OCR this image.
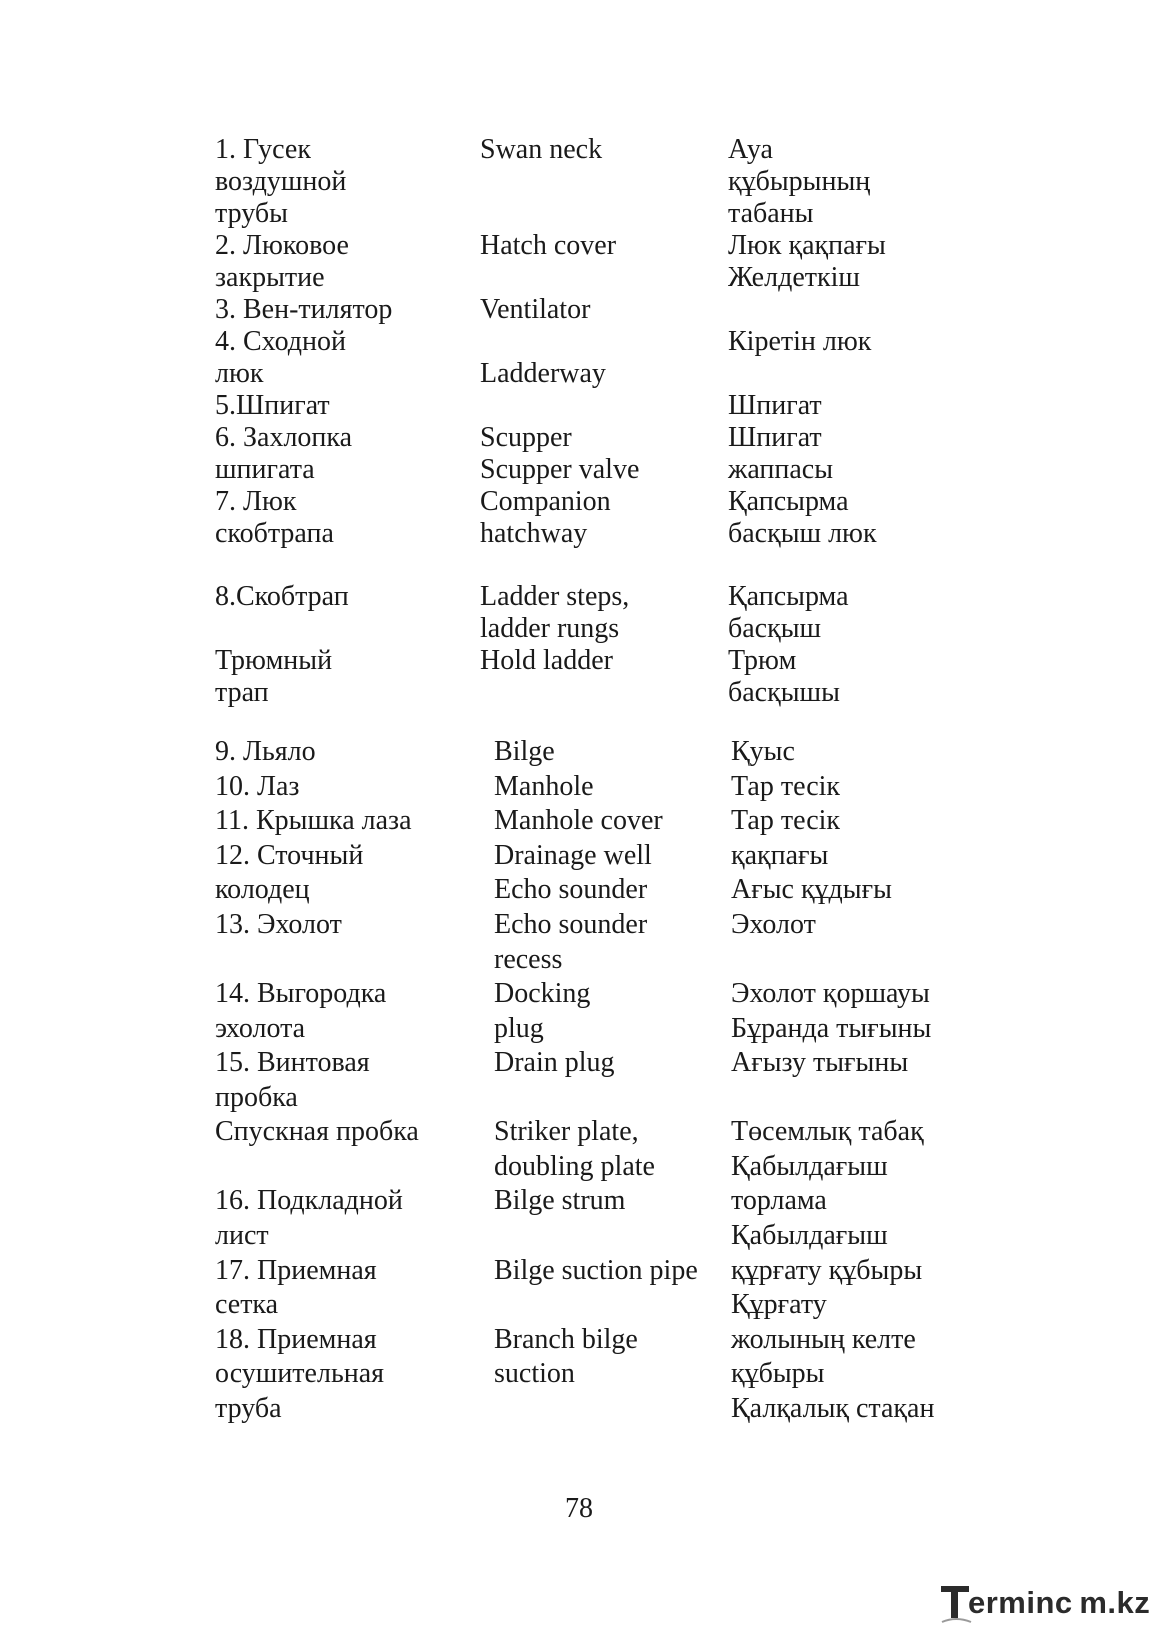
1. Гусек
воздушной
трубы
2. Люковое
закрытие
3. Вен-тилятор
4. Сходной
люк
5.Шпигат
6. Захлопка
шпигата
7. Люк
скобтрапа
8.Скобтрап
Трюмный
трап
9. Льяло
10. Лаз
11. Крышка лаза
12. Сточный
колодец
13. Эхолот
14. Выгородка
эхолота
15. Винтовая
пробка
Спускная пробка
16. Подкладной
лист
17. Приемная
сетка
18. Приемная
осушительная
труба
Swan neck
Hatch cover
Ventilator
Ladderway
Scupper
Scupper valve
Companion
hatchway
Ladder steps,
ladder rungs
Hold ladder
Bilge
Manhole
Manhole cover
Drainage well
Echo sounder
Echo sounder
recess
Docking
plug
Drain plug
Striker plate,
doubling plate
Bilge strum
Bilge suction pipe
Branch bilge
suction
Ауа
құбырының
табаны
Люк қақпағы
Желдеткіш
Кіретін люк
Шпигат
Шпигат
жаппасы
Қапсырма
басқыш люк
Қапсырма
басқыш
Трюм
басқышы
Қуыс
Тар тесік
Тар тесік
қақпағы
Ағыс құдығы
Эхолот
Эхолот қоршауы
Бұранда тығыны
Ағызу тығыны
Төсемлық табақ
Қабылдағыш
торлама
Қабылдағыш
құрғату құбыры
Құрғату
жолының келте
құбыры
Қалқалық стақан
78
erminc m.kz
